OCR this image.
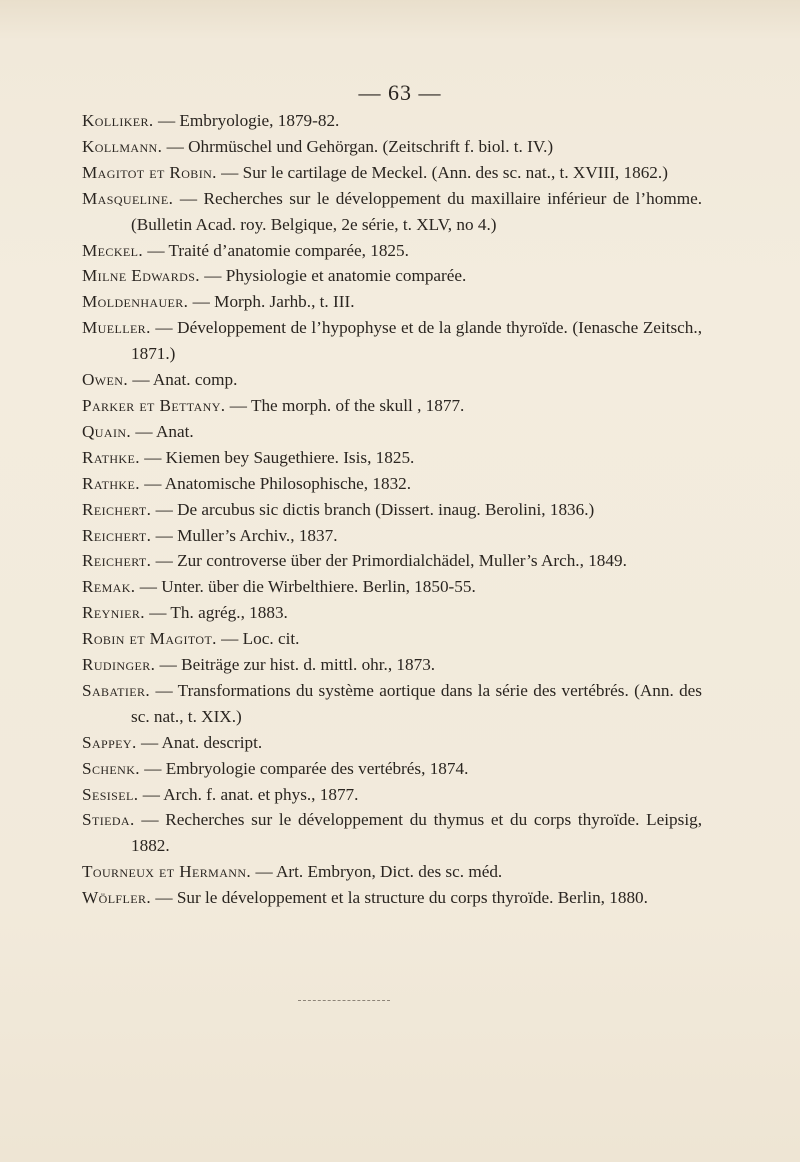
— 63 —
Kolliker. — Embryologie, 1879-82.
Kollmann. — Ohrmüschel und Gehörgan. (Zeitschrift f. biol. t. IV.)
Magitot et Robin. — Sur le cartilage de Meckel. (Ann. des sc. nat., t. XVIII, 1862.)
Masqueline. — Recherches sur le développement du maxillaire inférieur de l’homme. (Bulletin Acad. roy. Belgique, 2e série, t. XLV, no 4.)
Meckel. — Traité d’anatomie comparée, 1825.
Milne Edwards. — Physiologie et anatomie comparée.
Moldenhauer. — Morph. Jarhb., t. III.
Mueller. — Développement de l’hypophyse et de la glande thyroïde. (Ienasche Zeitsch., 1871.)
Owen. — Anat. comp.
Parker et Bettany. — The morph. of the skull , 1877.
Quain. — Anat.
Rathke. — Kiemen bey Saugethiere. Isis, 1825.
Rathke. — Anatomische Philosophische, 1832.
Reichert. — De arcubus sic dictis branch (Dissert. inaug. Berolini, 1836.)
Reichert. — Muller’s Archiv., 1837.
Reichert. — Zur controverse über der Primordialchädel, Muller’s Arch., 1849.
Remak. — Unter. über die Wirbelthiere. Berlin, 1850-55.
Reynier. — Th. agrég., 1883.
Robin et Magitot. — Loc. cit.
Rudinger. — Beiträge zur hist. d. mittl. ohr., 1873.
Sabatier. — Transformations du système aortique dans la série des vertébrés. (Ann. des sc. nat., t. XIX.)
Sappey. — Anat. descript.
Schenk. — Embryologie comparée des vertébrés, 1874.
Sesisel. — Arch. f. anat. et phys., 1877.
Stieda. — Recherches sur le développement du thymus et du corps thyroïde. Leipsig, 1882.
Tourneux et Hermann. — Art. Embryon, Dict. des sc. méd.
Wölfler. — Sur le développement et la structure du corps thyroïde. Berlin, 1880.
